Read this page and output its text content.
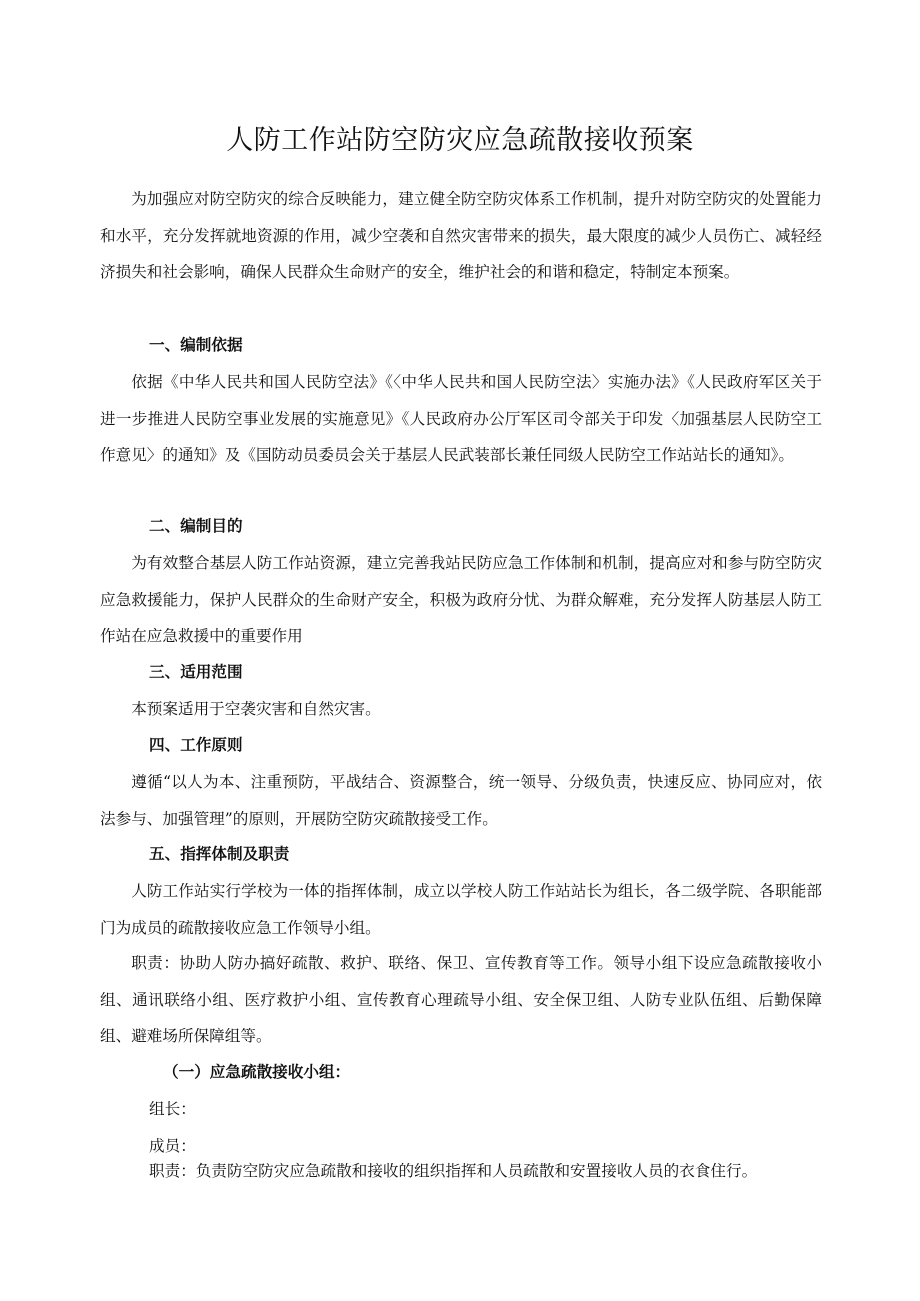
人防工作站防空防灾应急疏散接收预案

为加强应对防空防灾的综合反映能力，建立健全防空防灾体系工作机制，提升对防空防灾的处置能力和水平，充分发挥就地资源的作用，减少空袭和自然灾害带来的损失，最大限度的减少人员伤亡、减轻经济损失和社会影响，确保人民群众生命财产的安全，维护社会的和谐和稳定，特制定本预案。

一、编制依据

依据《中华人民共和国人民防空法》《〈中华人民共和国人民防空法〉实施办法》《人民政府军区关于进一步推进人民防空事业发展的实施意见》《人民政府办公厅军区司令部关于印发〈加强基层人民防空工作意见〉的通知》及《国防动员委员会关于基层人民武装部长兼任同级人民防空工作站站长的通知》。

二、编制目的

为有效整合基层人防工作站资源，建立完善我站民防应急工作体制和机制，提高应对和参与防空防灾应急救援能力，保护人民群众的生命财产安全，积极为政府分忧、为群众解难，充分发挥人防基层人防工作站在应急救援中的重要作用

三、适用范围

本预案适用于空袭灾害和自然灾害。

四、工作原则

遵循“以人为本、注重预防，平战结合、资源整合，统一领导、分级负责，快速反应、协同应对，依法参与、加强管理”的原则，开展防空防灾疏散接受工作。

五、指挥体制及职责

人防工作站实行学校为一体的指挥体制，成立以学校人防工作站站长为组长，各二级学院、各职能部门为成员的疏散接收应急工作领导小组。

职责：协助人防办搞好疏散、救护、联络、保卫、宣传教育等工作。领导小组下设应急疏散接收小组、通讯联络小组、医疗救护小组、宣传教育心理疏导小组、安全保卫组、人防专业队伍组、后勤保障组、避难场所保障组等。

（一）应急疏散接收小组：

组长：

成员：

职责：负责防空防灾应急疏散和接收的组织指挥和人员疏散和安置接收人员的衣食住行。
